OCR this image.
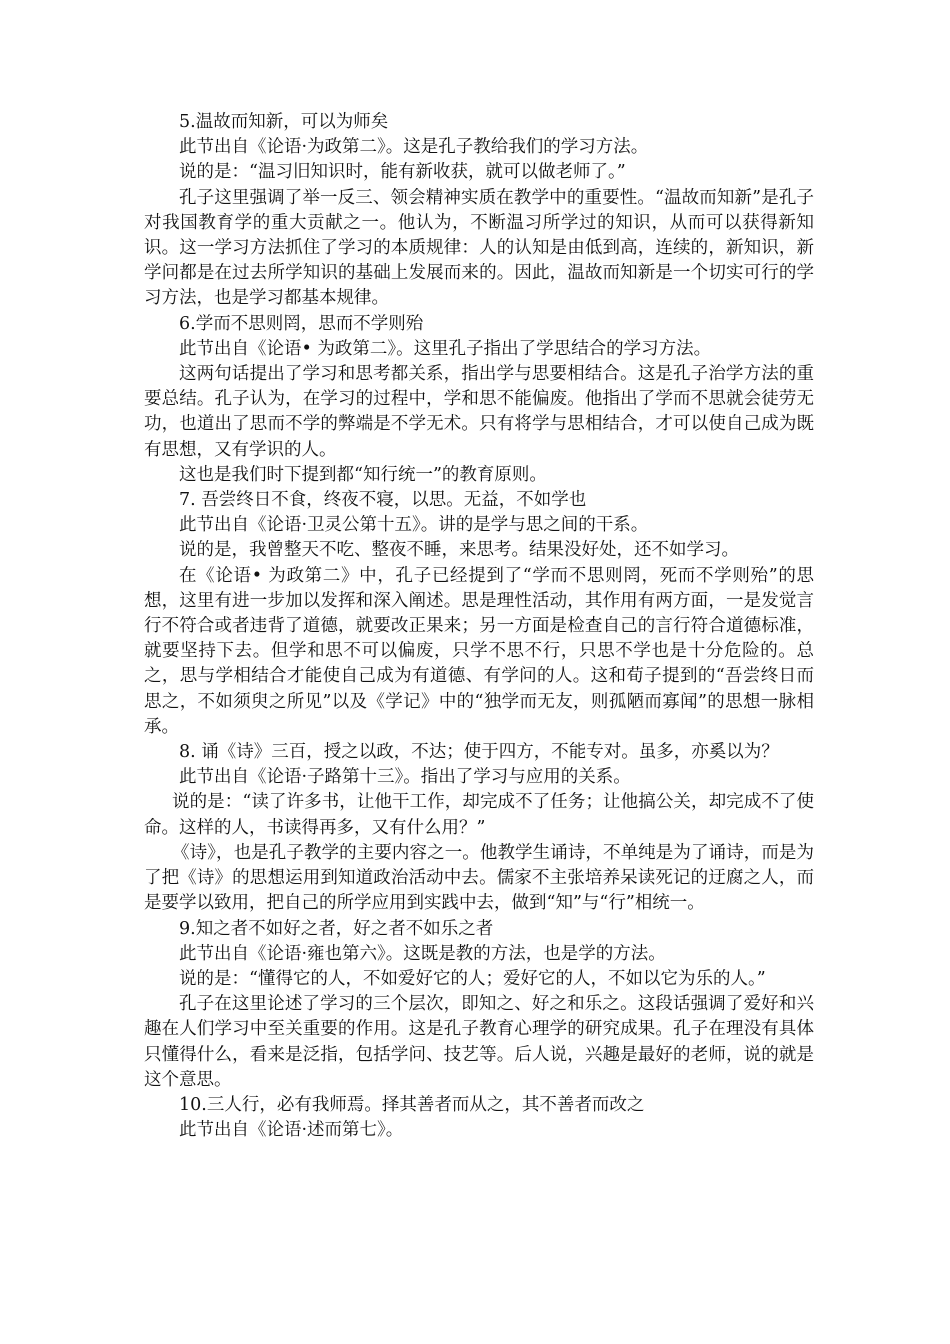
5.温故而知新，可以为师矣

此节出自《论语·为政第二》。这是孔子教给我们的学习方法。

说的是：“温习旧知识时，能有新收获，就可以做老师了。”

孔子这里强调了举一反三、领会精神实质在教学中的重要性。“温故而知新”是孔子对我国教育学的重大贡献之一。他认为，不断温习所学过的知识，从而可以获得新知识。这一学习方法抓住了学习的本质规律：人的认知是由低到高，连续的，新知识，新学问都是在过去所学知识的基础上发展而来的。因此，温故而知新是一个切实可行的学习方法，也是学习都基本规律。

6.学而不思则罔，思而不学则殆

此节出自《论语• 为政第二》。这里孔子指出了学思结合的学习方法。

这两句话提出了学习和思考都关系，指出学与思要相结合。这是孔子治学方法的重要总结。孔子认为，在学习的过程中，学和思不能偏废。他指出了学而不思就会徒劳无功，也道出了思而不学的弊端是不学无术。只有将学与思相结合，才可以使自己成为既有思想，又有学识的人。

这也是我们时下提到都“知行统一”的教育原则。

7. 吾尝终日不食，终夜不寝，以思。无益，不如学也

此节出自《论语·卫灵公第十五》。讲的是学与思之间的干系。

说的是，我曾整天不吃、整夜不睡，来思考。结果没好处，还不如学习。

在《论语• 为政第二》中，孔子已经提到了“学而不思则罔，死而不学则殆”的思想，这里有进一步加以发挥和深入阐述。思是理性活动，其作用有两方面，一是发觉言行不符合或者违背了道德，就要改正果来；另一方面是检查自己的言行符合道德标准，就要坚持下去。但学和思不可以偏废，只学不思不行，只思不学也是十分危险的。总之，思与学相结合才能使自己成为有道德、有学问的人。这和荀子提到的“吾尝终日而思之，不如须臾之所见”以及《学记》中的“独学而无友，则孤陋而寡闻”的思想一脉相承。

8. 诵《诗》三百，授之以政，不达；使于四方，不能专对。虽多，亦奚以为？

此节出自《论语·子路第十三》。指出了学习与应用的关系。

说的是：“读了许多书，让他干工作，却完成不了任务；让他搞公关，却完成不了使命。这样的人，书读得再多，又有什么用？”

《诗》，也是孔子教学的主要内容之一。他教学生诵诗，不单纯是为了诵诗，而是为了把《诗》的思想运用到知道政治活动中去。儒家不主张培养呆读死记的迂腐之人，而是要学以致用，把自己的所学应用到实践中去，做到“知”与“行”相统一。

9.知之者不如好之者，好之者不如乐之者

此节出自《论语·雍也第六》。这既是教的方法，也是学的方法。

说的是：“懂得它的人，不如爱好它的人；爱好它的人，不如以它为乐的人。”

孔子在这里论述了学习的三个层次，即知之、好之和乐之。这段话强调了爱好和兴趣在人们学习中至关重要的作用。这是孔子教育心理学的研究成果。孔子在理没有具体只懂得什么，看来是泛指，包括学问、技艺等。后人说，兴趣是最好的老师，说的就是这个意思。

10.三人行，必有我师焉。择其善者而从之，其不善者而改之

此节出自《论语·述而第七》。
